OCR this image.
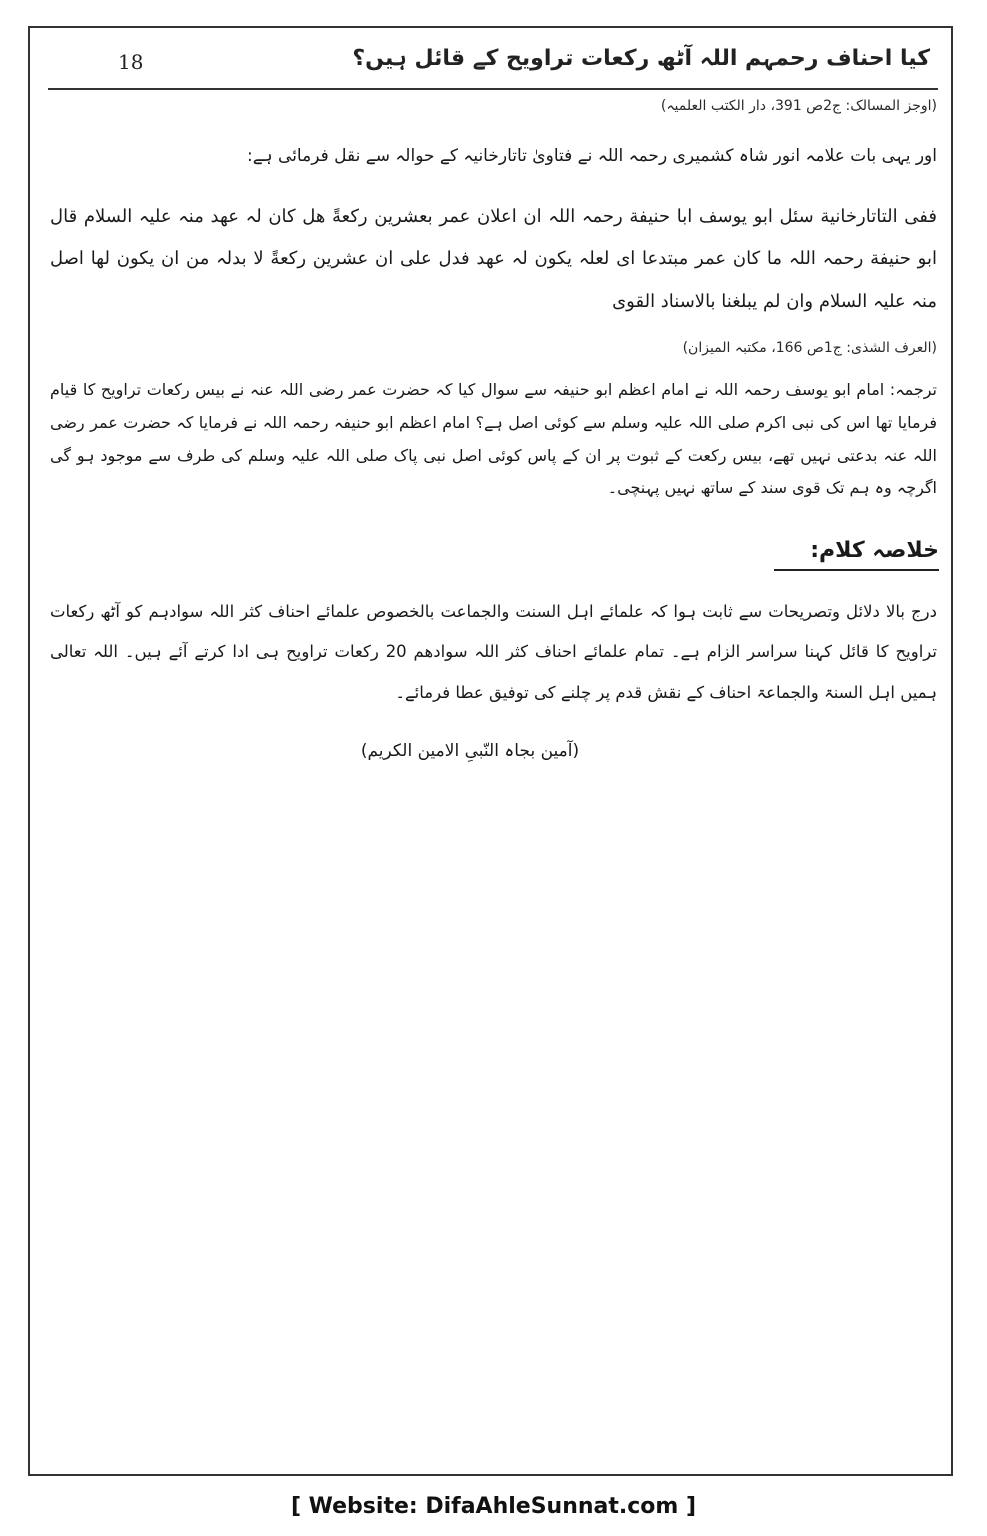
18	کیا احناف رحمہم اللہ آٹھ رکعات تراویح کے قائل ہیں؟
(اوجز المسالک: ج2ص 391، دار الکتب العلمیہ)
اور یہی بات علامہ انور شاہ کشمیری رحمہ اللہ نے فتاویٰ تاتارخانیہ کے حوالہ سے نقل فرمائی ہے:
ففی التاتارخانیة سئل ابو یوسف ابا حنیفة رحمہ اللہ ان اعلان عمر بعشرین رکعةً ھل کان لہ عھد منہ علیہ السلام قال ابو حنیفة رحمہ اللہ ما کان عمر مبتدعا ای لعلہ یکون لہ عھد فدل علی ان عشرین رکعةً لا بدلہ من ان یکون لھا اصل منہ علیہ السلام وان لم یبلغنا بالاسناد القوی
(العرف الشذی: ج1ص 166، مکتبہ المیزان)
ترجمہ: امام ابو یوسف رحمہ اللہ نے امام اعظم ابو حنیفہ سے سوال کیا کہ حضرت عمر رضی اللہ عنہ نے بیس رکعات تراویح کا قیام فرمایا تھا اس کی نبی اکرم صلی اللہ علیہ وسلم سے کوئی اصل ہے؟ امام اعظم ابو حنیفہ رحمہ اللہ نے فرمایا کہ حضرت عمر رضی اللہ عنہ بدعتی نہیں تھے، بیس رکعت کے ثبوت پر ان کے پاس کوئی اصل نبی پاک صلی اللہ علیہ وسلم کی طرف سے موجود ہو گی اگرچہ وہ ہم تک قوی سند کے ساتھ نہیں پہنچی۔
خلاصہ کلام:
درج بالا دلائل وتصریحات سے ثابت ہوا کہ علمائے اہل السنت والجماعت بالخصوص علمائے احناف کثر اللہ سوادہم کو آٹھ رکعات تراویح کا قائل کہنا سراسر الزام ہے۔ تمام علمائے احناف کثر اللہ سوادھم 20 رکعات تراویح ہی ادا کرتے آئے ہیں۔ اللہ تعالی ہمیں اہل السنۃ والجماعۃ احناف کے نقش قدم پر چلنے کی توفیق عطا فرمائے۔
(آمین بجاہ النّبیِ الامین الکریم)
[ Website: DifaAhleSunnat.com ]
